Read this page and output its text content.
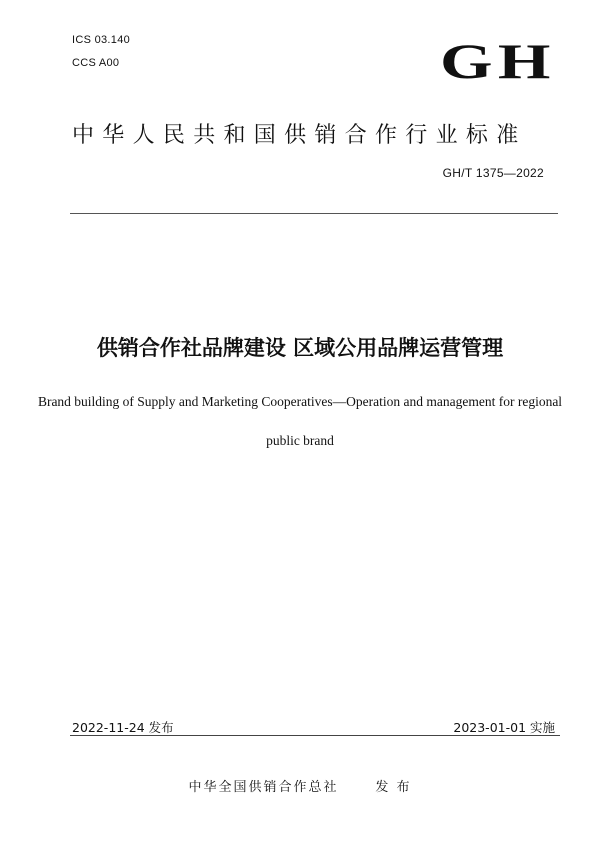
ICS 03.140
CCS A00	GH
中华人民共和国供销合作行业标准
GH/T 1375—2022
供销合作社品牌建设 区域公用品牌运营管理
Brand building of Supply and Marketing Cooperatives—Operation and management for regional public brand
2022-11-24 发布	2023-01-01 实施
中华全国供销合作总社      发 布
